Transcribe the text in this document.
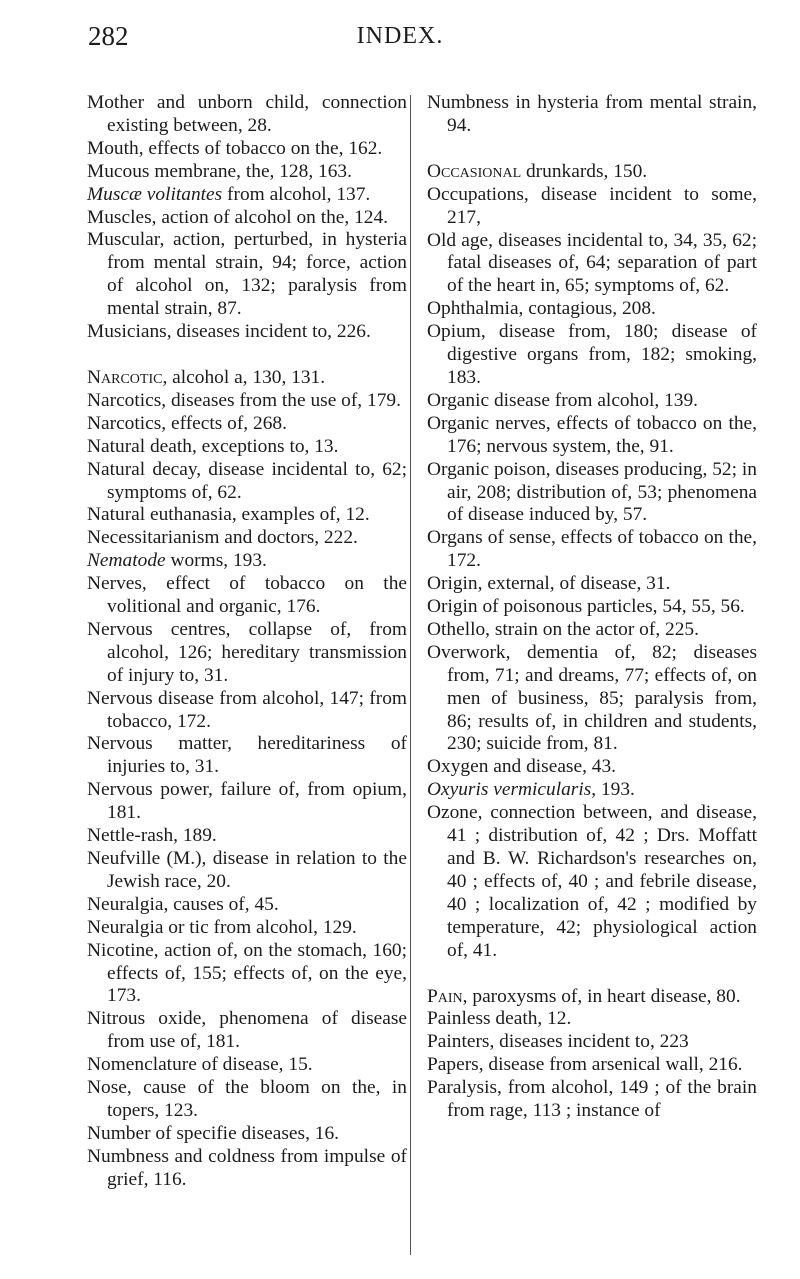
282	INDEX.

Mother and unborn child, connection existing between, 28.

Mouth, effects of tobacco on the, 162.

Mucous membrane, the, 128, 163.

Muscæ volitantes from alcohol, 137.

Muscles, action of alcohol on the, 124.

Muscular, action, perturbed, in hysteria from mental strain, 94; force, action of alcohol on, 132; paralysis from mental strain, 87.

Musicians, diseases incident to, 226.

Narcotic, alcohol a, 130, 131.

Narcotics, diseases from the use of, 179.

Narcotics, effects of, 268.

Natural death, exceptions to, 13.

Natural decay, disease incidental to, 62; symptoms of, 62.

Natural euthanasia, examples of, 12.

Necessitarianism and doctors, 222.

Nematode worms, 193.

Nerves, effect of tobacco on the volitional and organic, 176.

Nervous centres, collapse of, from alcohol, 126; hereditary transmission of injury to, 31.

Nervous disease from alcohol, 147; from tobacco, 172.

Nervous matter, hereditariness of injuries to, 31.

Nervous power, failure of, from opium, 181.

Nettle-rash, 189.

Neufville (M.), disease in relation to the Jewish race, 20.

Neuralgia, causes of, 45.

Neuralgia or tic from alcohol, 129.

Nicotine, action of, on the stomach, 160; effects of, 155; effects of, on the eye, 173.

Nitrous oxide, phenomena of disease from use of, 181.

Nomenclature of disease, 15.

Nose, cause of the bloom on the, in topers, 123.

Number of specifie diseases, 16.

Numbness and coldness from impulse of grief, 116.

Numbness in hysteria from mental strain, 94.

Occasional drunkards, 150.

Occupations, disease incident to some, 217,

Old age, diseases incidental to, 34, 35, 62; fatal diseases of, 64; separation of part of the heart in, 65; symptoms of, 62.

Ophthalmia, contagious, 208.

Opium, disease from, 180; disease of digestive organs from, 182; smoking, 183.

Organic disease from alcohol, 139.

Organic nerves, effects of tobacco on the, 176; nervous system, the, 91.

Organic poison, diseases producing, 52; in air, 208; distribution of, 53; phenomena of disease induced by, 57.

Organs of sense, effects of tobacco on the, 172.

Origin, external, of disease, 31.

Origin of poisonous particles, 54, 55, 56.

Othello, strain on the actor of, 225.

Overwork, dementia of, 82; diseases from, 71; and dreams, 77; effects of, on men of business, 85; paralysis from, 86; results of, in children and students, 230; suicide from, 81.

Oxygen and disease, 43.

Oxyuris vermicularis, 193.

Ozone, connection between, and disease, 41 ; distribution of, 42 ; Drs. Moffatt and B. W. Richardson's researches on, 40 ; effects of, 40 ; and febrile disease, 40 ; localization of, 42 ; modified by temperature, 42; physiological action of, 41.

Pain, paroxysms of, in heart disease, 80.

Painless death, 12.

Painters, diseases incident to, 223

Papers, disease from arsenical wall, 216.

Paralysis, from alcohol, 149 ; of the brain from rage, 113 ; instance of
